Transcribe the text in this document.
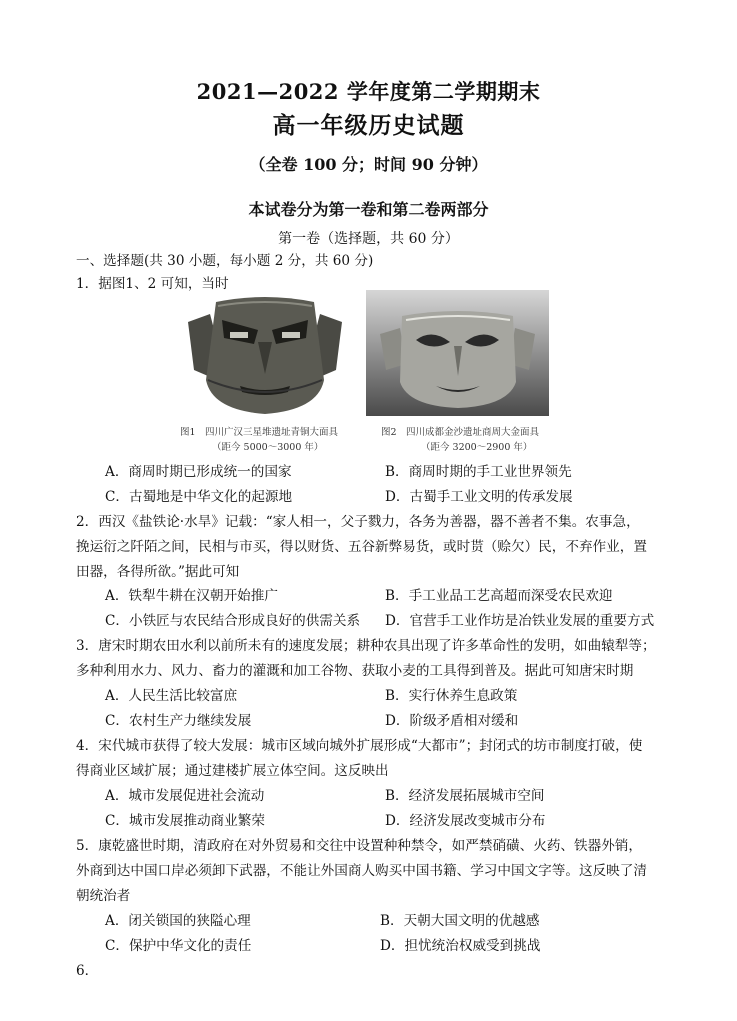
2021—2022 学年度第二学期期末
高一年级历史试题
（全卷 100 分；时间 90 分钟）
本试卷分为第一卷和第二卷两部分
第一卷（选择题，共 60 分）
一、选择题(共 30 小题，每小题 2 分，共 60 分)
1．据图1、2 可知，当时
图1　四川广汉三星堆遗址青铜大面具
（距今 5000～3000 年）
图2　四川成都金沙遗址商周大金面具
（距今 3200～2900 年）
A．商周时期已形成统一的国家	B．商周时期的手工业世界领先
C．古蜀地是中华文化的起源地	D．古蜀手工业文明的传承发展
2．西汉《盐铁论·水旱》记载：“家人相一，父子戮力，各务为善器，器不善者不集。农事急，
挽运衍之阡陌之间，民相与市买，得以财货、五谷新弊易货，或时贳（赊欠）民，不弃作业，置
田器，各得所欲。”据此可知
A．铁犁牛耕在汉朝开始推广	B．手工业品工艺高超而深受农民欢迎
C．小铁匠与农民结合形成良好的供需关系 D．官营手工业作坊是冶铁业发展的重要方式
3．唐宋时期农田水利以前所未有的速度发展；耕种农具出现了许多革命性的发明，如曲辕犁等；
多种利用水力、风力、畜力的灌溉和加工谷物、获取小麦的工具得到普及。据此可知唐宋时期
A．人民生活比较富庶	B．实行休养生息政策
C．农村生产力继续发展	D．阶级矛盾相对缓和
4．宋代城市获得了较大发展：城市区域向城外扩展形成“大都市”；封闭式的坊市制度打破，使
得商业区域扩展；通过建楼扩展立体空间。这反映出
A．城市发展促进社会流动	B．经济发展拓展城市空间
C．城市发展推动商业繁荣	D．经济发展改变城市分布
5．康乾盛世时期，清政府在对外贸易和交往中设置种种禁令，如严禁硝磺、火药、铁器外销，
外商到达中国口岸必须卸下武器，不能让外国商人购买中国书籍、学习中国文字等。这反映了清
朝统治者
A．闭关锁国的狭隘心理	B．天朝大国文明的优越感
C．保护中华文化的责任	D．担忧统治权威受到挑战
6．
